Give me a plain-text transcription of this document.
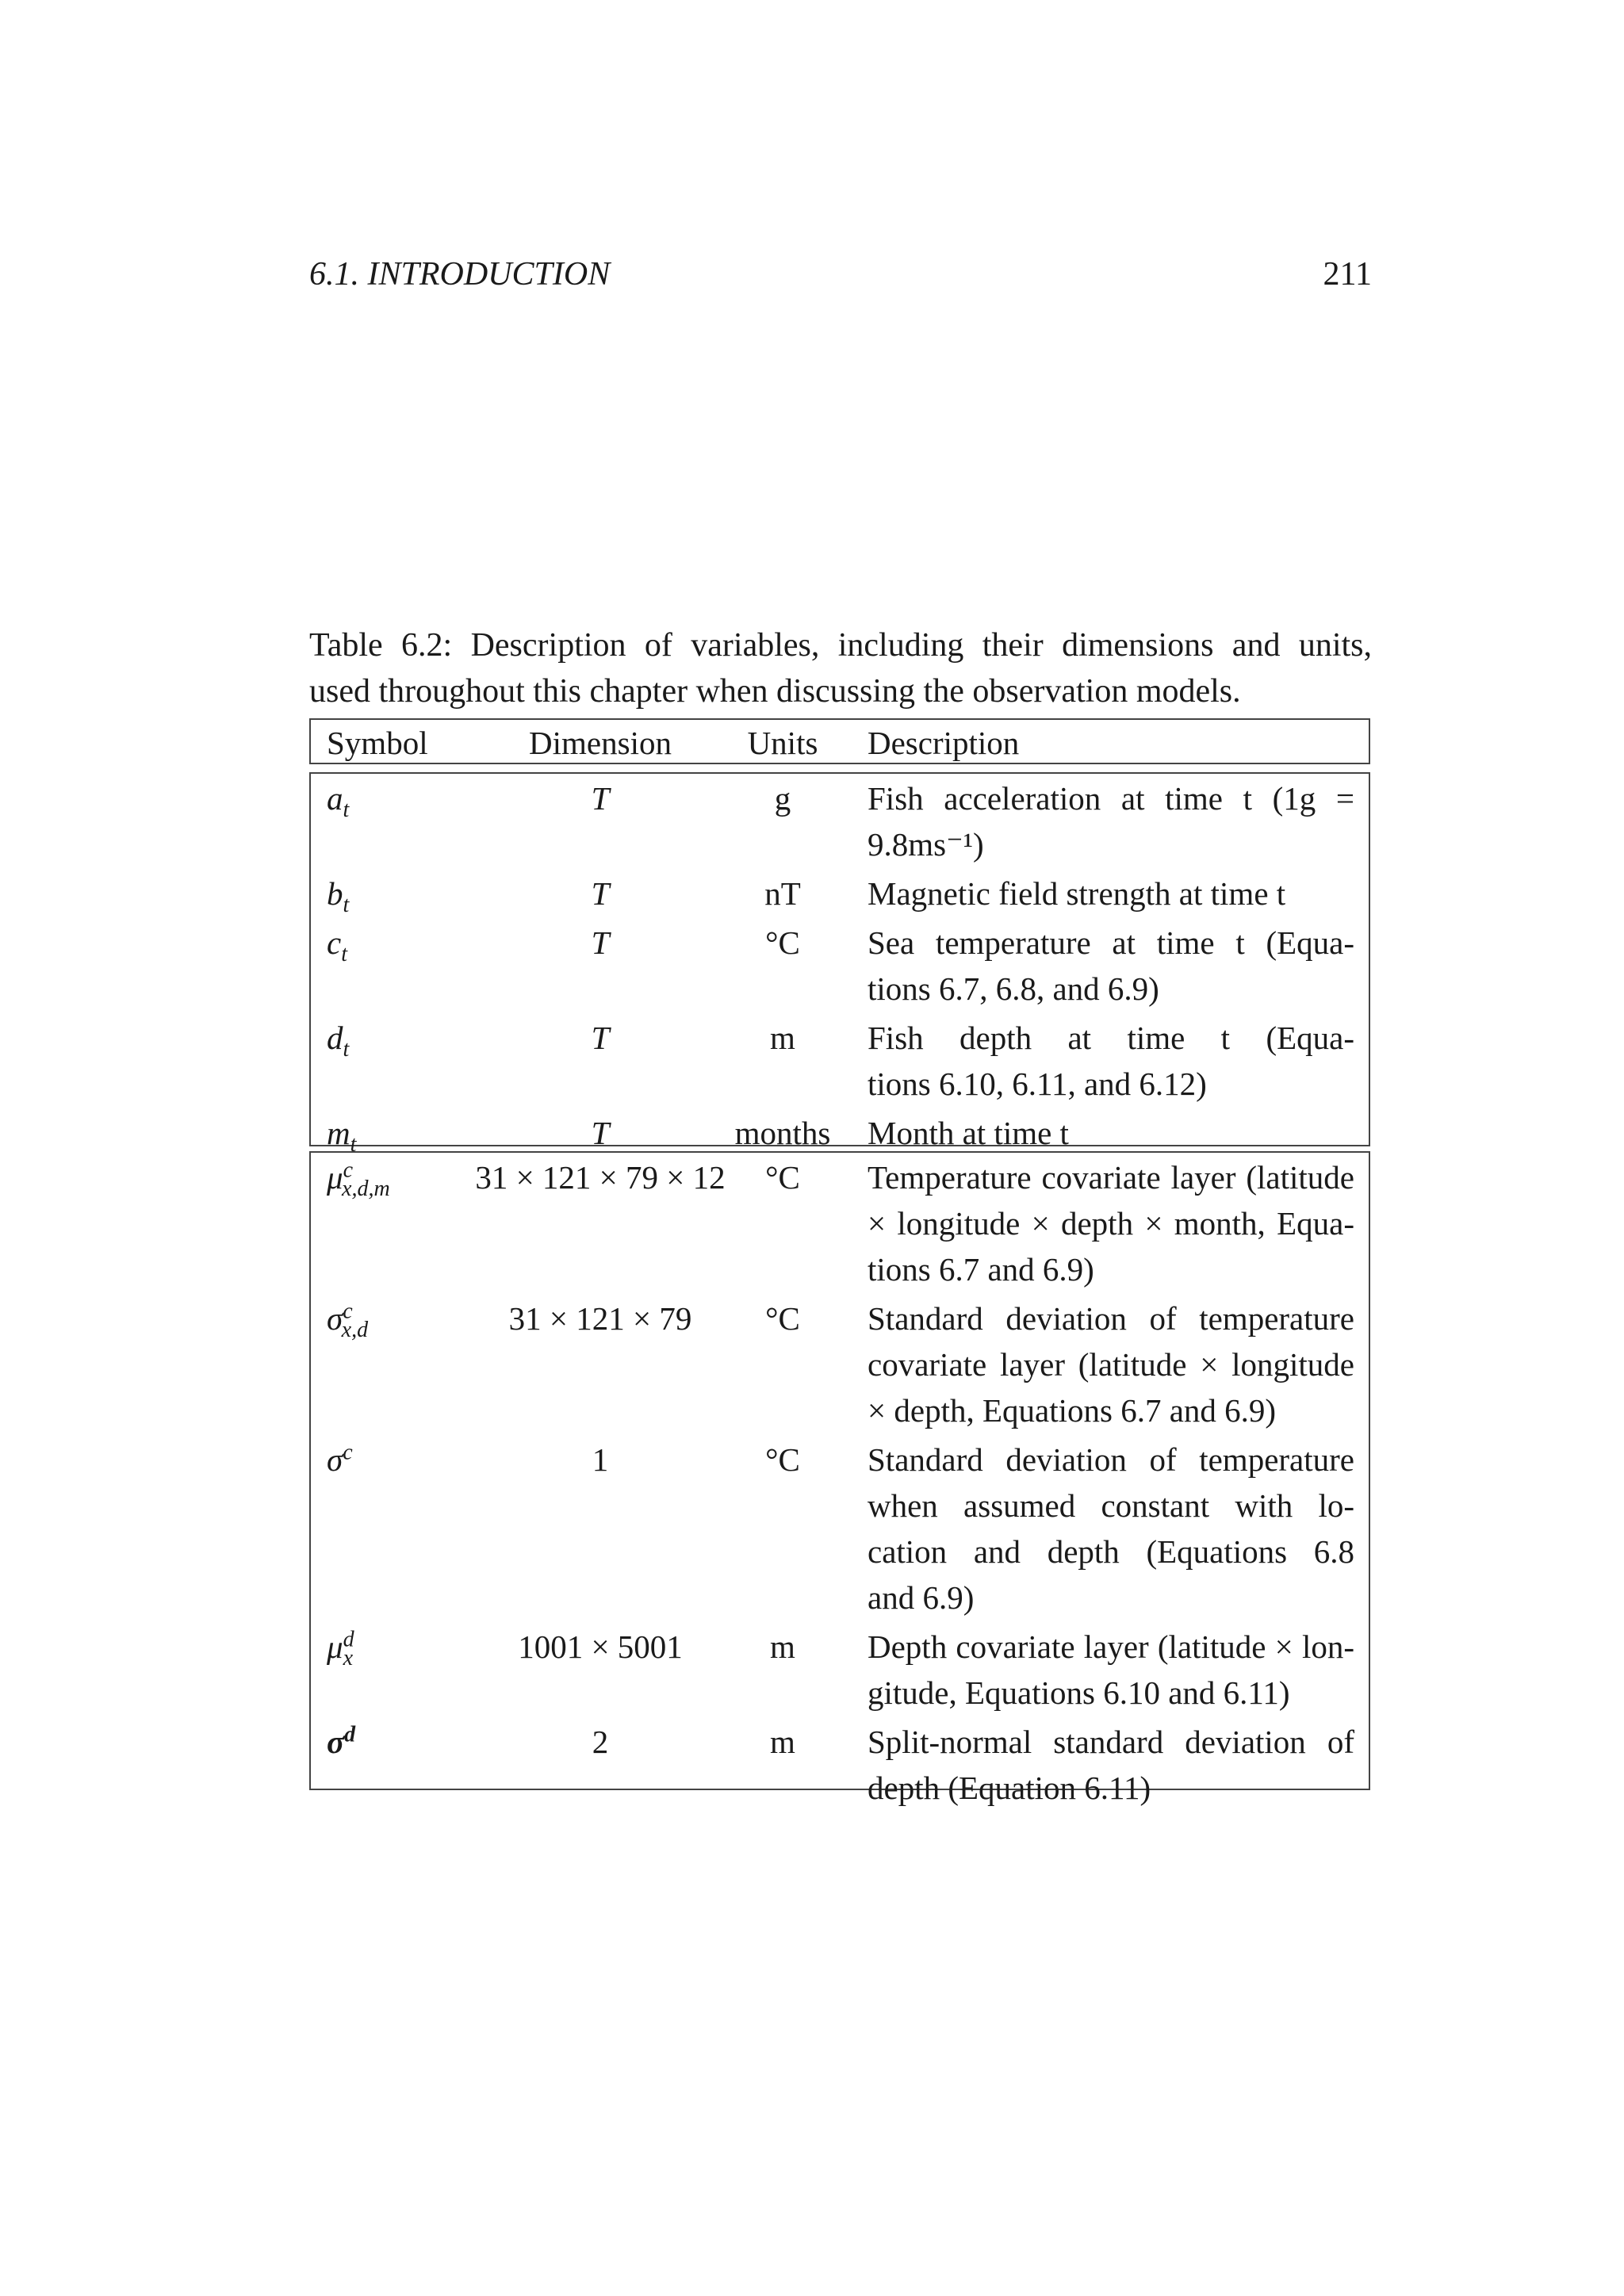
6.1. INTRODUCTION	211
Table 6.2: Description of variables, including their dimensions and units,
used throughout this chapter when discussing the observation models.
Symbol	Dimension	Units	Description
$a_t$	T	g	Fish acceleration at time t (1g =
9.8ms⁻¹)
$b_t$	T	nT	Magnetic field strength at time t
$c_t$	T	°C	Sea temperature at time t (Equa-
tions 6.7, 6.8, and 6.9)
$d_t$	T	m	Fish depth at time t (Equa-
tions 6.10, 6.11, and 6.12)
$m_t$	T	months	Month at time t
$\mu^c_{x,d,m}$	31 × 121 × 79 × 12	°C	Temperature covariate layer (latitude
× longitude × depth × month, Equa-
tions 6.7 and 6.9)
$\sigma^c_{x,d}$	31 × 121 × 79	°C	Standard deviation of temperature
covariate layer (latitude × longitude
× depth, Equations 6.7 and 6.9)
$\sigma^c$	1	°C	Standard deviation of temperature
when assumed constant with lo-
cation and depth (Equations 6.8
and 6.9)
$\mu^d_x$	1001 × 5001	m	Depth covariate layer (latitude × lon-
gitude, Equations 6.10 and 6.11)
$\sigma^d$	2	m	Split-normal standard deviation of
depth (Equation 6.11)
